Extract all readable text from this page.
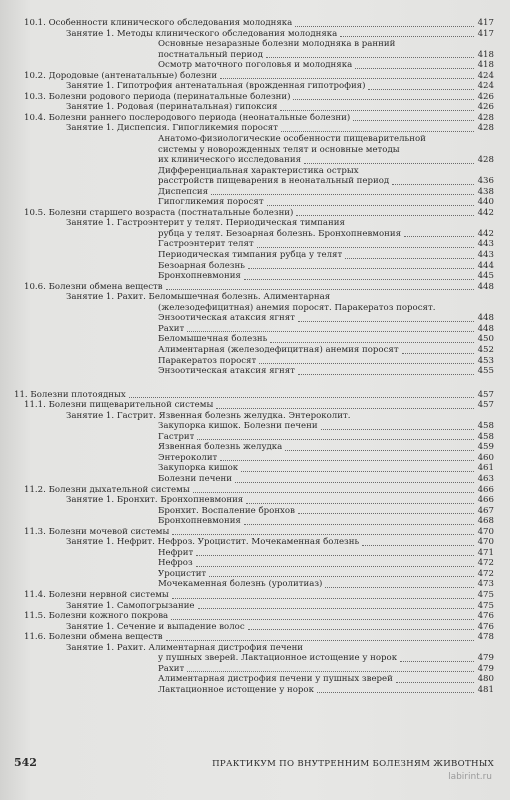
10.1. Особенности клинического обследования молодняка	417
Занятие 1. Методы клинического обследования молодняка	417
Основные незаразные болезни молодняка в ранний
постнатальный период	418
Осмотр маточного поголовья и молодняка	418
10.2. Дородовые (антенатальные) болезни	424
Занятие 1. Гипотрофия антенатальная (врожденная гипотрофия)	424
10.3. Болезни родового периода (перинатальные болезни)	426
Занятие 1. Родовая (перинатальная) гипоксия	426
10.4. Болезни раннего послеродового периода (неонатальные болезни)	428
Занятие 1. Диспепсия. Гипогликемия поросят	428
Анатомо-физиологические особенности пищеварительной
системы у новорожденных телят и основные методы
их клинического исследования	428
Дифференциальная характеристика острых
расстройств пищеварения в неонатальный период	436
Диспепсия	438
Гипогликемия поросят	440
10.5. Болезни старшего возраста (постнатальные болезни)	442
Занятие 1. Гастроэнтерит у телят. Периодическая тимпания
рубца у телят. Безоарная болезнь. Бронхопневмония	442
Гастроэнтерит телят	443
Периодическая тимпания рубца у телят	443
Безоарная болезнь	444
Бронхопневмония	445
10.6. Болезни обмена веществ	448
Занятие 1. Рахит. Беломышечная болезнь. Алиментарная
(железодефицитная) анемия поросят. Паракератоз поросят.
Энзоотическая атаксия ягнят	448
Рахит	448
Беломышечная болезнь	450
Алиментарная (железодефицитная) анемия поросят	452
Паракератоз поросят	453
Энзоотическая атаксия ягнят	455
11. Болезни плотоядных	457
11.1. Болезни пищеварительной системы	457
Занятие 1. Гастрит. Язвенная болезнь желудка. Энтероколит.
Закупорка кишок. Болезни печени	458
Гастрит	458
Язвенная болезнь желудка	459
Энтероколит	460
Закупорка кишок	461
Болезни печени	463
11.2. Болезни дыхательной системы	466
Занятие 1. Бронхит. Бронхопневмония	466
Бронхит. Воспаление бронхов	467
Бронхопневмония	468
11.3. Болезни мочевой системы	470
Занятие 1. Нефрит. Нефроз. Уроцистит. Мочекаменная болезнь	470
Нефрит	471
Нефроз	472
Уроцистит	472
Мочекаменная болезнь (уролитиаз)	473
11.4. Болезни нервной системы	475
Занятие 1. Самопогрызание	475
11.5. Болезни кожного покрова	476
Занятие 1. Сечение и выпадение волос	476
11.6. Болезни обмена веществ	478
Занятие 1. Рахит. Алиментарная дистрофия печени
у пушных зверей. Лактационное истощение у норок	479
Рахит	479
Алиментарная дистрофия печени у пушных зверей	480
Лактационное истощение у норок	481
542	ПРАКТИКУМ ПО ВНУТРЕННИМ БОЛЕЗНЯМ ЖИВОТНЫХ
labirint.ru
